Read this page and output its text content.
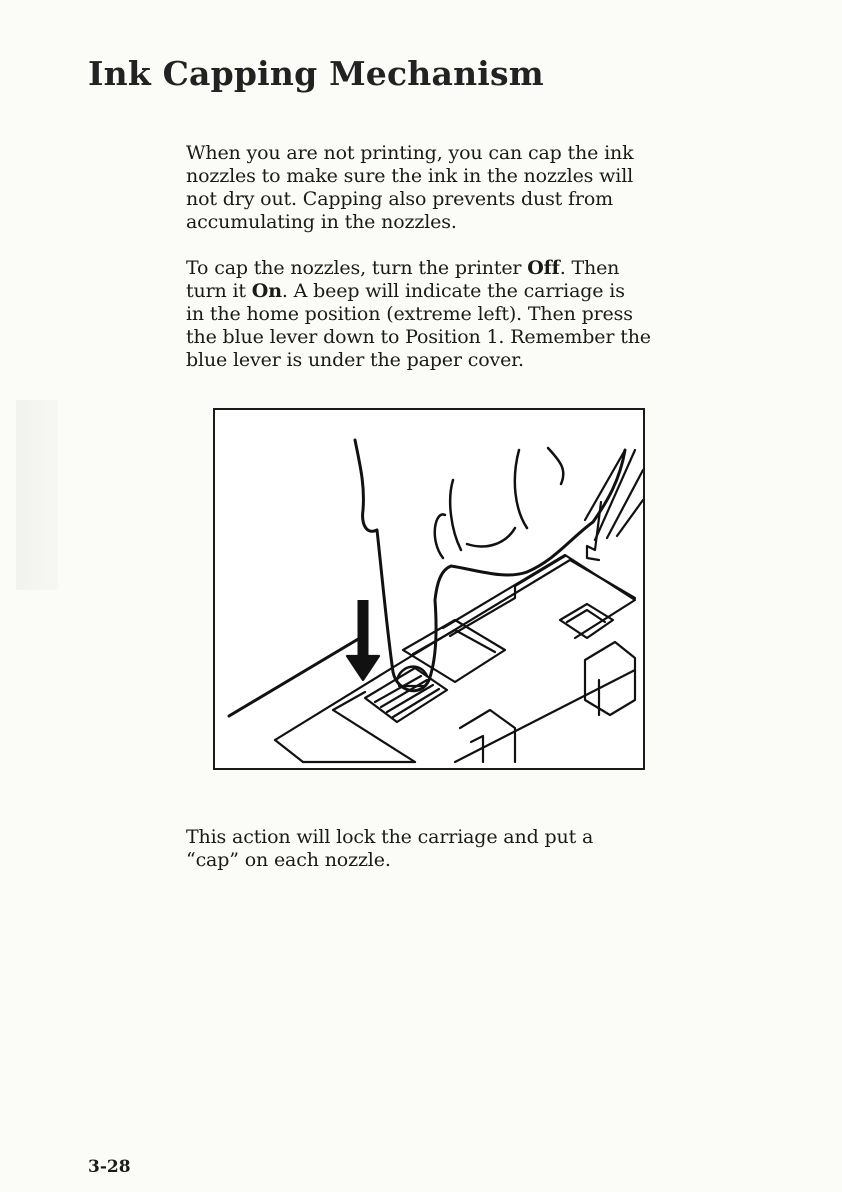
Ink Capping Mechanism

When you are not printing, you can cap the ink
nozzles to make sure the ink in the nozzles will
not dry out. Capping also prevents dust from
accumulating in the nozzles.

To cap the nozzles, turn the printer Off. Then
turn it On. A beep will indicate the carriage is
in the home position (extreme left). Then press
the blue lever down to Position 1. Remember the
blue lever is under the paper cover.

This action will lock the carriage and put a
“cap” on each nozzle.

3-28
